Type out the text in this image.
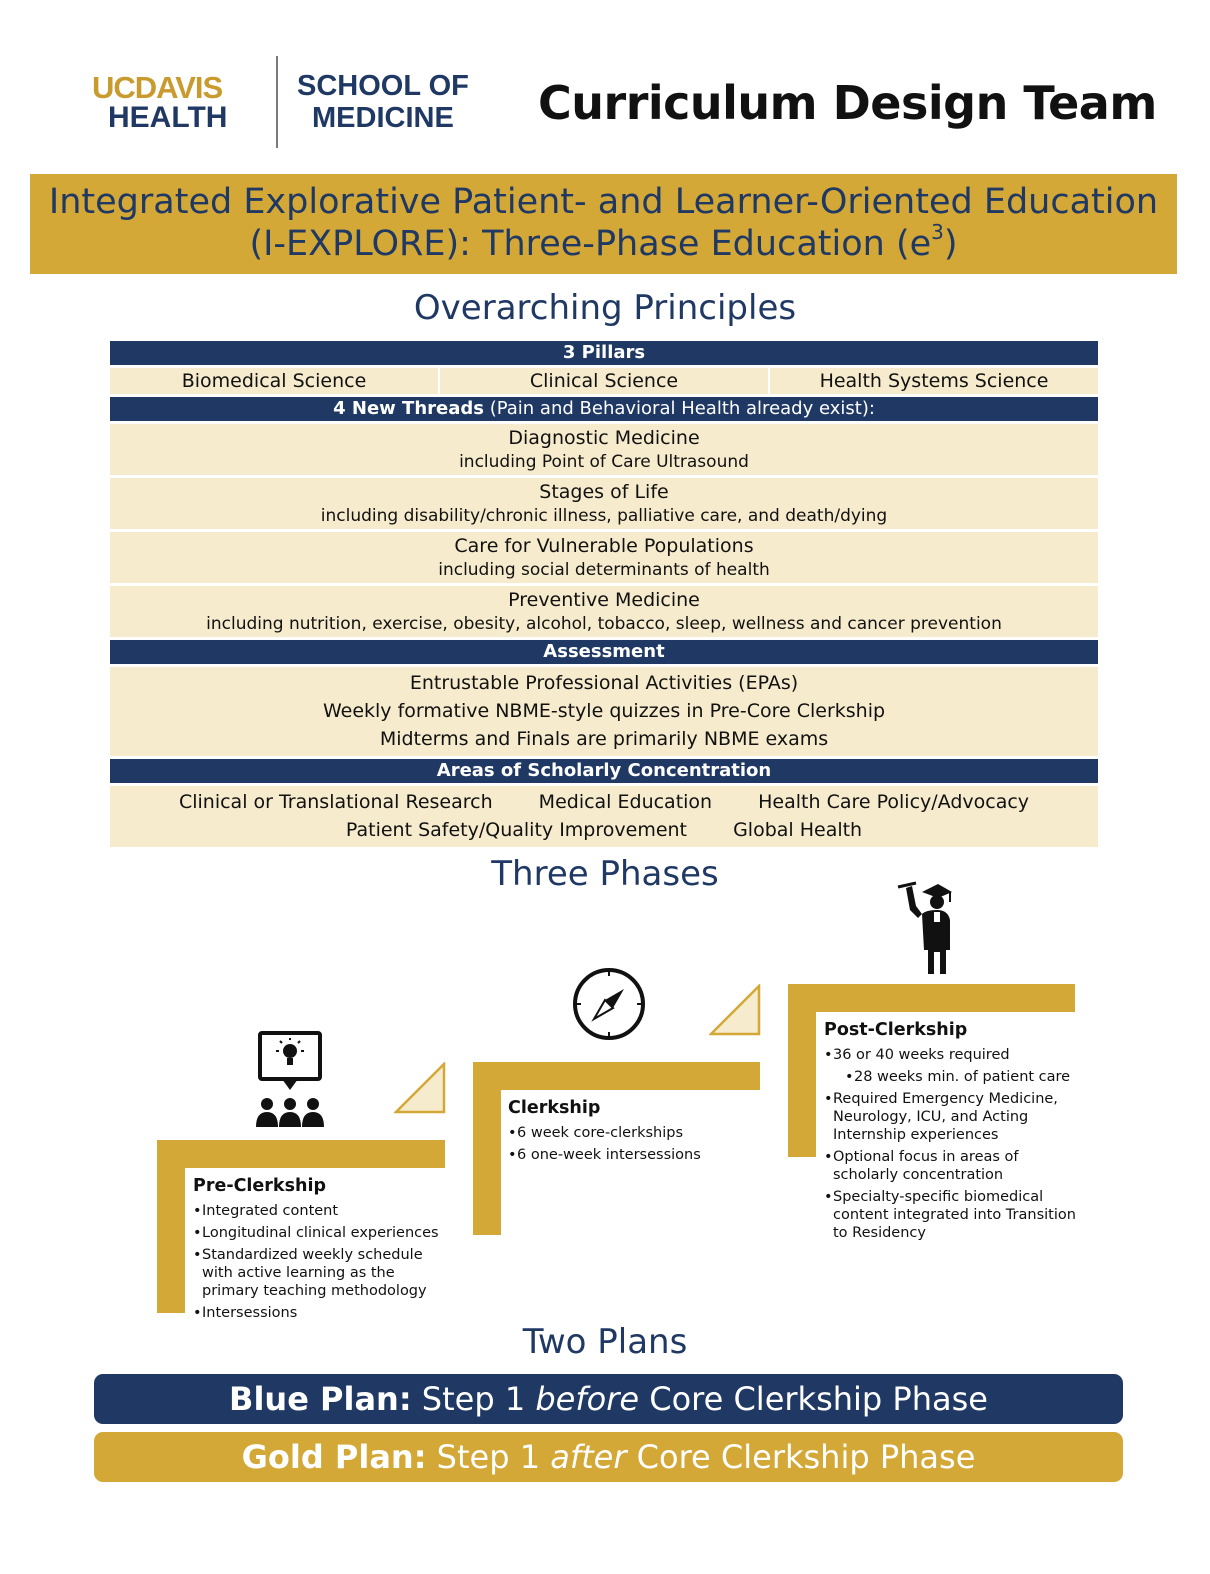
UCDAVIS
HEALTH
SCHOOL OF
MEDICINE Curriculum Design Team
Integrated Explorative Patient- and Learner-Oriented Education
(I-EXPLORE): Three-Phase Education $(e^3)$
Overarching Principles
3 Pillars
Biomedical Science	Clinical Science	Health Systems Science
4 New Threads (Pain and Behavioral Health already exist):
Diagnostic Medicine
including Point of Care Ultrasound
Stages of Life
including disability/chronic illness, palliative care, and death/dying
Care for Vulnerable Populations
including social determinants of health
Preventive Medicine
including nutrition, exercise, obesity, alcohol, tobacco, sleep, wellness and cancer prevention
Assessment
Entrustable Professional Activities (EPAs)
Weekly formative NBME-style quizzes in Pre-Core Clerkship
Midterms and Finals are primarily NBME exams
Areas of Scholarly Concentration
Clinical or Translational Research Medical Education Health Care Policy/Advocacy
Patient Safety/Quality Improvement Global Health
Three Phases
Pre-Clerkship
• Integrated content
• Longitudinal clinical experiences
• Standardized weekly schedule with active learning as the primary teaching methodology
• Intersessions
Clerkship
• 6 week core-clerkships
• 6 one-week intersessions
Post-Clerkship
• 36 or 40 weeks required
• 28 weeks min. of patient care
• Required Emergency Medicine, Neurology, ICU, and Acting Internship experiences
• Optional focus in areas of scholarly concentration
• Specialty-specific biomedical content integrated into Transition to Residency
Two Plans
Blue Plan: Step 1 before Core Clerkship Phase
Gold Plan: Step 1 after Core Clerkship Phase
